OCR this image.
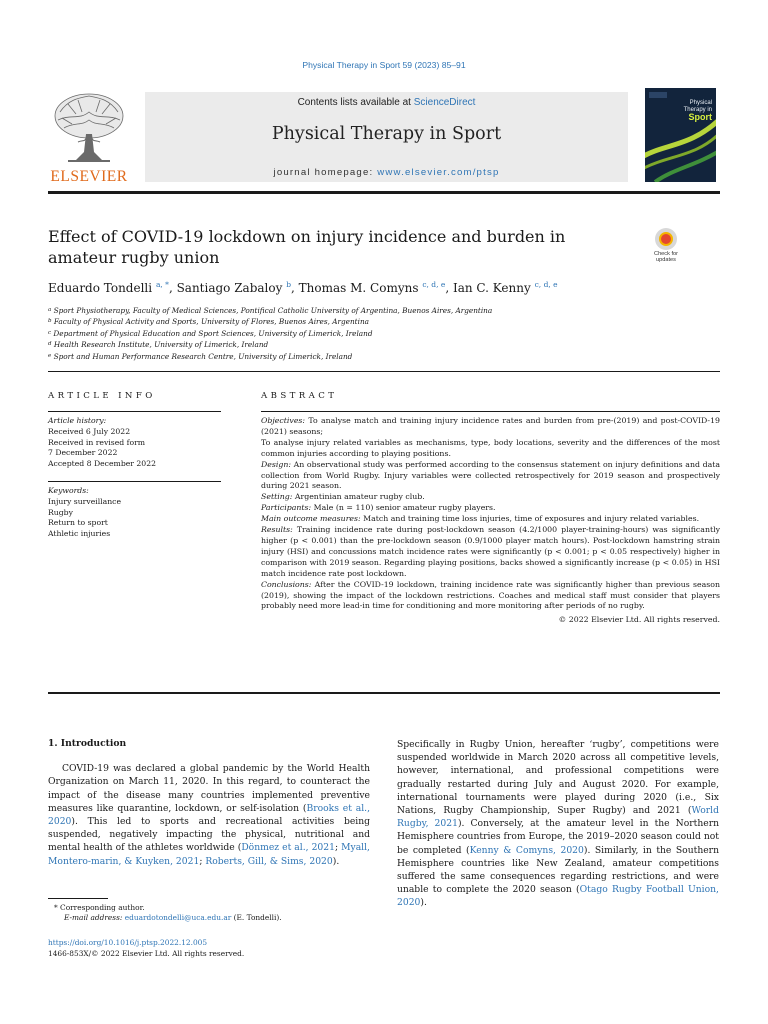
Physical Therapy in Sport 59 (2023) 85–91
ELSEVIER
Contents lists available at ScienceDirect
Physical Therapy in Sport
journal homepage: www.elsevier.com/ptsp
Physical
Therapy in
Sport
Effect of COVID-19 lockdown on injury incidence and burden in
amateur rugby union	Check for
updates
Eduardo Tondelli $^{a, *}$, Santiago Zabaloy $^b$, Thomas M. Comyns $^{c, d, e}$, Ian C. Kenny $^{c, d, e}$
$^a$ Sport Physiotherapy, Faculty of Medical Sciences, Pontifical Catholic University of Argentina, Buenos Aires, Argentina
$^b$ Faculty of Physical Activity and Sports, University of Flores, Buenos Aires, Argentina
$^c$ Department of Physical Education and Sport Sciences, University of Limerick, Ireland
$^d$ Health Research Institute, University of Limerick, Ireland
$^e$ Sport and Human Performance Research Centre, University of Limerick, Ireland
ARTICLE INFO	ABSTRACT
Article history:
Received 6 July 2022
Received in revised form
7 December 2022
Accepted 8 December 2022
Keywords:
Injury surveillance
Rugby
Return to sport
Athletic injuries

Objectives: To analyse match and training injury incidence rates and burden from pre-(2019) and post-COVID-19 (2021) seasons;

To analyse injury related variables as mechanisms, type, body locations, severity and the differences of the most common injuries according to playing positions.

Design: An observational study was performed according to the consensus statement on injury definitions and data collection from World Rugby. Injury variables were collected retrospectively for 2019 season and prospectively during 2021 season.

Setting: Argentinian amateur rugby club.

Participants: Male (n = 110) senior amateur rugby players.

Main outcome measures: Match and training time loss injuries, time of exposures and injury related variables.

Results: Training incidence rate during post-lockdown season (4.2/1000 player-training-hours) was significantly higher (p < 0.001) than the pre-lockdown season (0.9/1000 player match hours). Post-lockdown hamstring strain injury (HSI) and concussions match incidence rates were significantly (p < 0.001; p < 0.05 respectively) higher in comparison with 2019 season. Regarding playing positions, backs showed a significantly increase (p < 0.05) in HSI match incidence rate post lockdown.

Conclusions: After the COVID-19 lockdown, training incidence rate was significantly higher than previous season (2019), showing the impact of the lockdown restrictions. Coaches and medical staff must consider that players probably need more lead-in time for conditioning and more monitoring after periods of no rugby.

© 2022 Elsevier Ltd. All rights reserved.

1. Introduction

COVID-19 was declared a global pandemic by the World Health Organization on March 11, 2020. In this regard, to counteract the impact of the disease many countries implemented preventive measures like quarantine, lockdown, or self-isolation (Brooks et al., 2020). This led to sports and recreational activities being suspended, negatively impacting the physical, nutritional and mental health of the athletes worldwide (Dönmez et al., 2021; Myall, Montero-marin, & Kuyken, 2021; Roberts, Gill, & Sims, 2020).

Specifically in Rugby Union, hereafter ‘rugby’, competitions were suspended worldwide in March 2020 across all competitive levels, however, international, and professional competitions were gradually restarted during July and August 2020. For example, international tournaments were played during 2020 (i.e., Six Nations, Rugby Championship, Super Rugby) and 2021 (World Rugby, 2021). Conversely, at the amateur level in the Northern Hemisphere countries from Europe, the 2019–2020 season could not be completed (Kenny & Comyns, 2020). Similarly, in the Southern Hemisphere countries like New Zealand, amateur competitions suffered the same consequences regarding restrictions, and were unable to complete the 2020 season (Otago Rugby Football Union, 2020).

* Corresponding author.
E-mail address: eduardotondelli@uca.edu.ar (E. Tondelli).
https://doi.org/10.1016/j.ptsp.2022.12.005
1466-853X/© 2022 Elsevier Ltd. All rights reserved.
